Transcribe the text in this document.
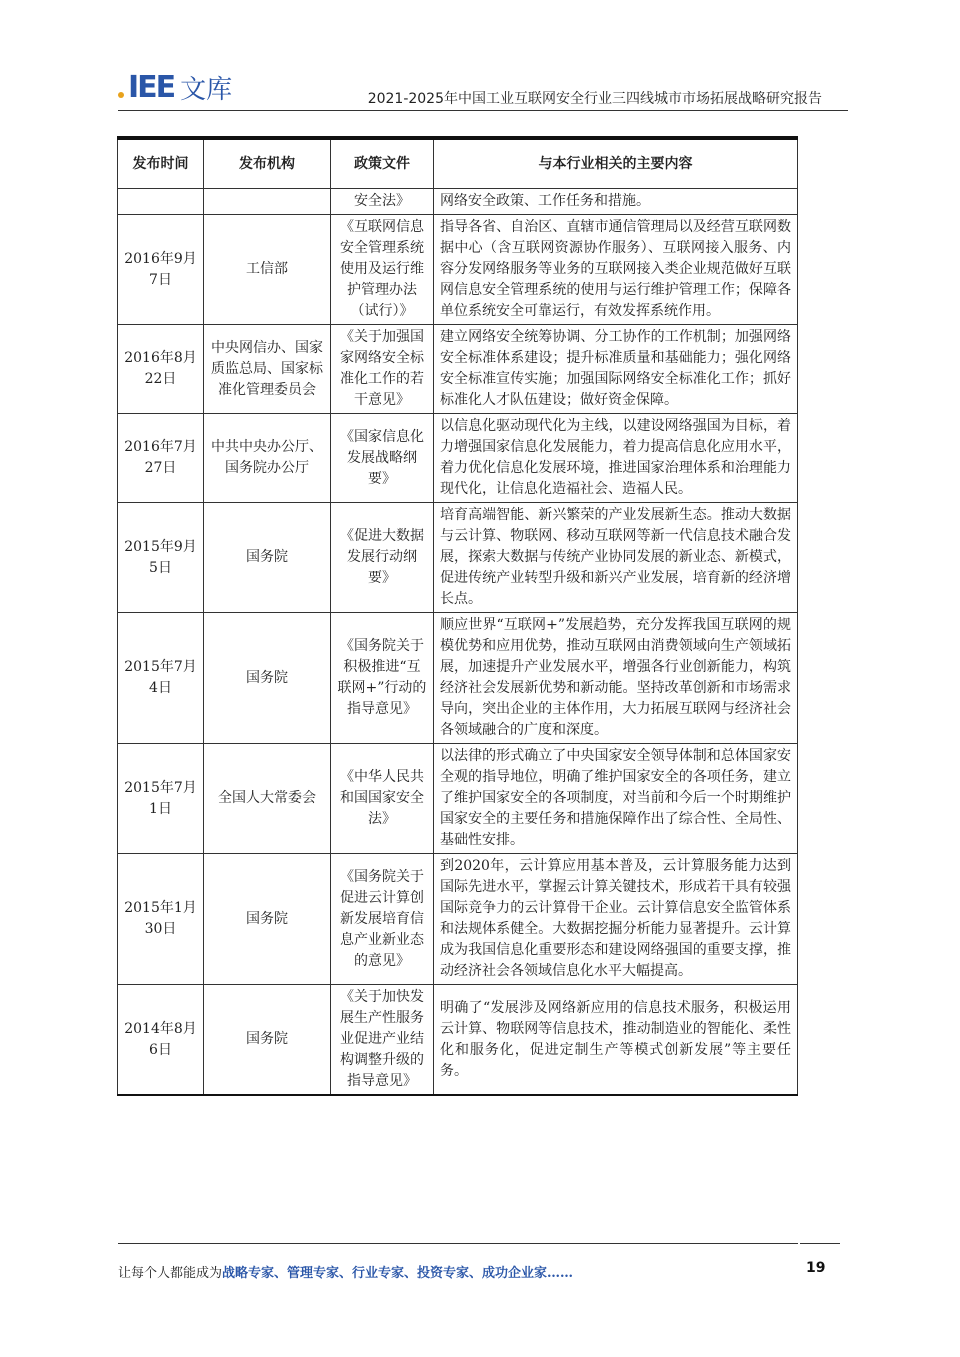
IEE 文库	2021-2025年中国工业互联网安全行业三四线城市市场拓展战略研究报告
发布时间	发布机构	政策文件	与本行业相关的主要内容
		安全法》	网络安全政策、工作任务和措施。
2016年9月7日	工信部	《互联网信息安全管理系统使用及运行维护管理办法（试行）》	指导各省、自治区、直辖市通信管理局以及经营互联网数据中心（含互联网资源协作服务）、互联网接入服务、内容分发网络服务等业务的互联网接入类企业规范做好互联网信息安全管理系统的使用与运行维护管理工作；保障各单位系统安全可靠运行，有效发挥系统作用。
2016年8月22日	中央网信办、国家质监总局、国家标准化管理委员会	《关于加强国家网络安全标准化工作的若干意见》	建立网络安全统筹协调、分工协作的工作机制；加强网络安全标准体系建设；提升标准质量和基础能力；强化网络安全标准宣传实施；加强国际网络安全标准化工作；抓好标准化人才队伍建设；做好资金保障。
2016年7月27日	中共中央办公厅、国务院办公厅	《国家信息化发展战略纲要》	以信息化驱动现代化为主线，以建设网络强国为目标，着力增强国家信息化发展能力，着力提高信息化应用水平，着力优化信息化发展环境，推进国家治理体系和治理能力现代化，让信息化造福社会、造福人民。
2015年9月5日	国务院	《促进大数据发展行动纲要》	培育高端智能、新兴繁荣的产业发展新生态。推动大数据与云计算、物联网、移动互联网等新一代信息技术融合发展，探索大数据与传统产业协同发展的新业态、新模式，促进传统产业转型升级和新兴产业发展，培育新的经济增长点。
2015年7月4日	国务院	《国务院关于积极推进“互联网+”行动的指导意见》	顺应世界“互联网+”发展趋势，充分发挥我国互联网的规模优势和应用优势，推动互联网由消费领域向生产领域拓展，加速提升产业发展水平，增强各行业创新能力，构筑经济社会发展新优势和新动能。坚持改革创新和市场需求导向，突出企业的主体作用，大力拓展互联网与经济社会各领域融合的广度和深度。
2015年7月1日	全国人大常委会	《中华人民共和国国家安全法》	以法律的形式确立了中央国家安全领导体制和总体国家安全观的指导地位，明确了维护国家安全的各项任务，建立了维护国家安全的各项制度，对当前和今后一个时期维护国家安全的主要任务和措施保障作出了综合性、全局性、基础性安排。
2015年1月30日	国务院	《国务院关于促进云计算创新发展培育信息产业新业态的意见》	到2020年，云计算应用基本普及，云计算服务能力达到国际先进水平，掌握云计算关键技术，形成若干具有较强国际竞争力的云计算骨干企业。云计算信息安全监管体系和法规体系健全。大数据挖掘分析能力显著提升。云计算成为我国信息化重要形态和建设网络强国的重要支撑，推动经济社会各领域信息化水平大幅提高。
2014年8月6日	国务院	《关于加快发展生产性服务业促进产业结构调整升级的指导意见》	明确了“发展涉及网络新应用的信息技术服务，积极运用云计算、物联网等信息技术，推动制造业的智能化、柔性化和服务化，促进定制生产等模式创新发展”等主要任务。
让每个人都能成为战略专家、管理专家、行业专家、投资专家、成功企业家……	19
